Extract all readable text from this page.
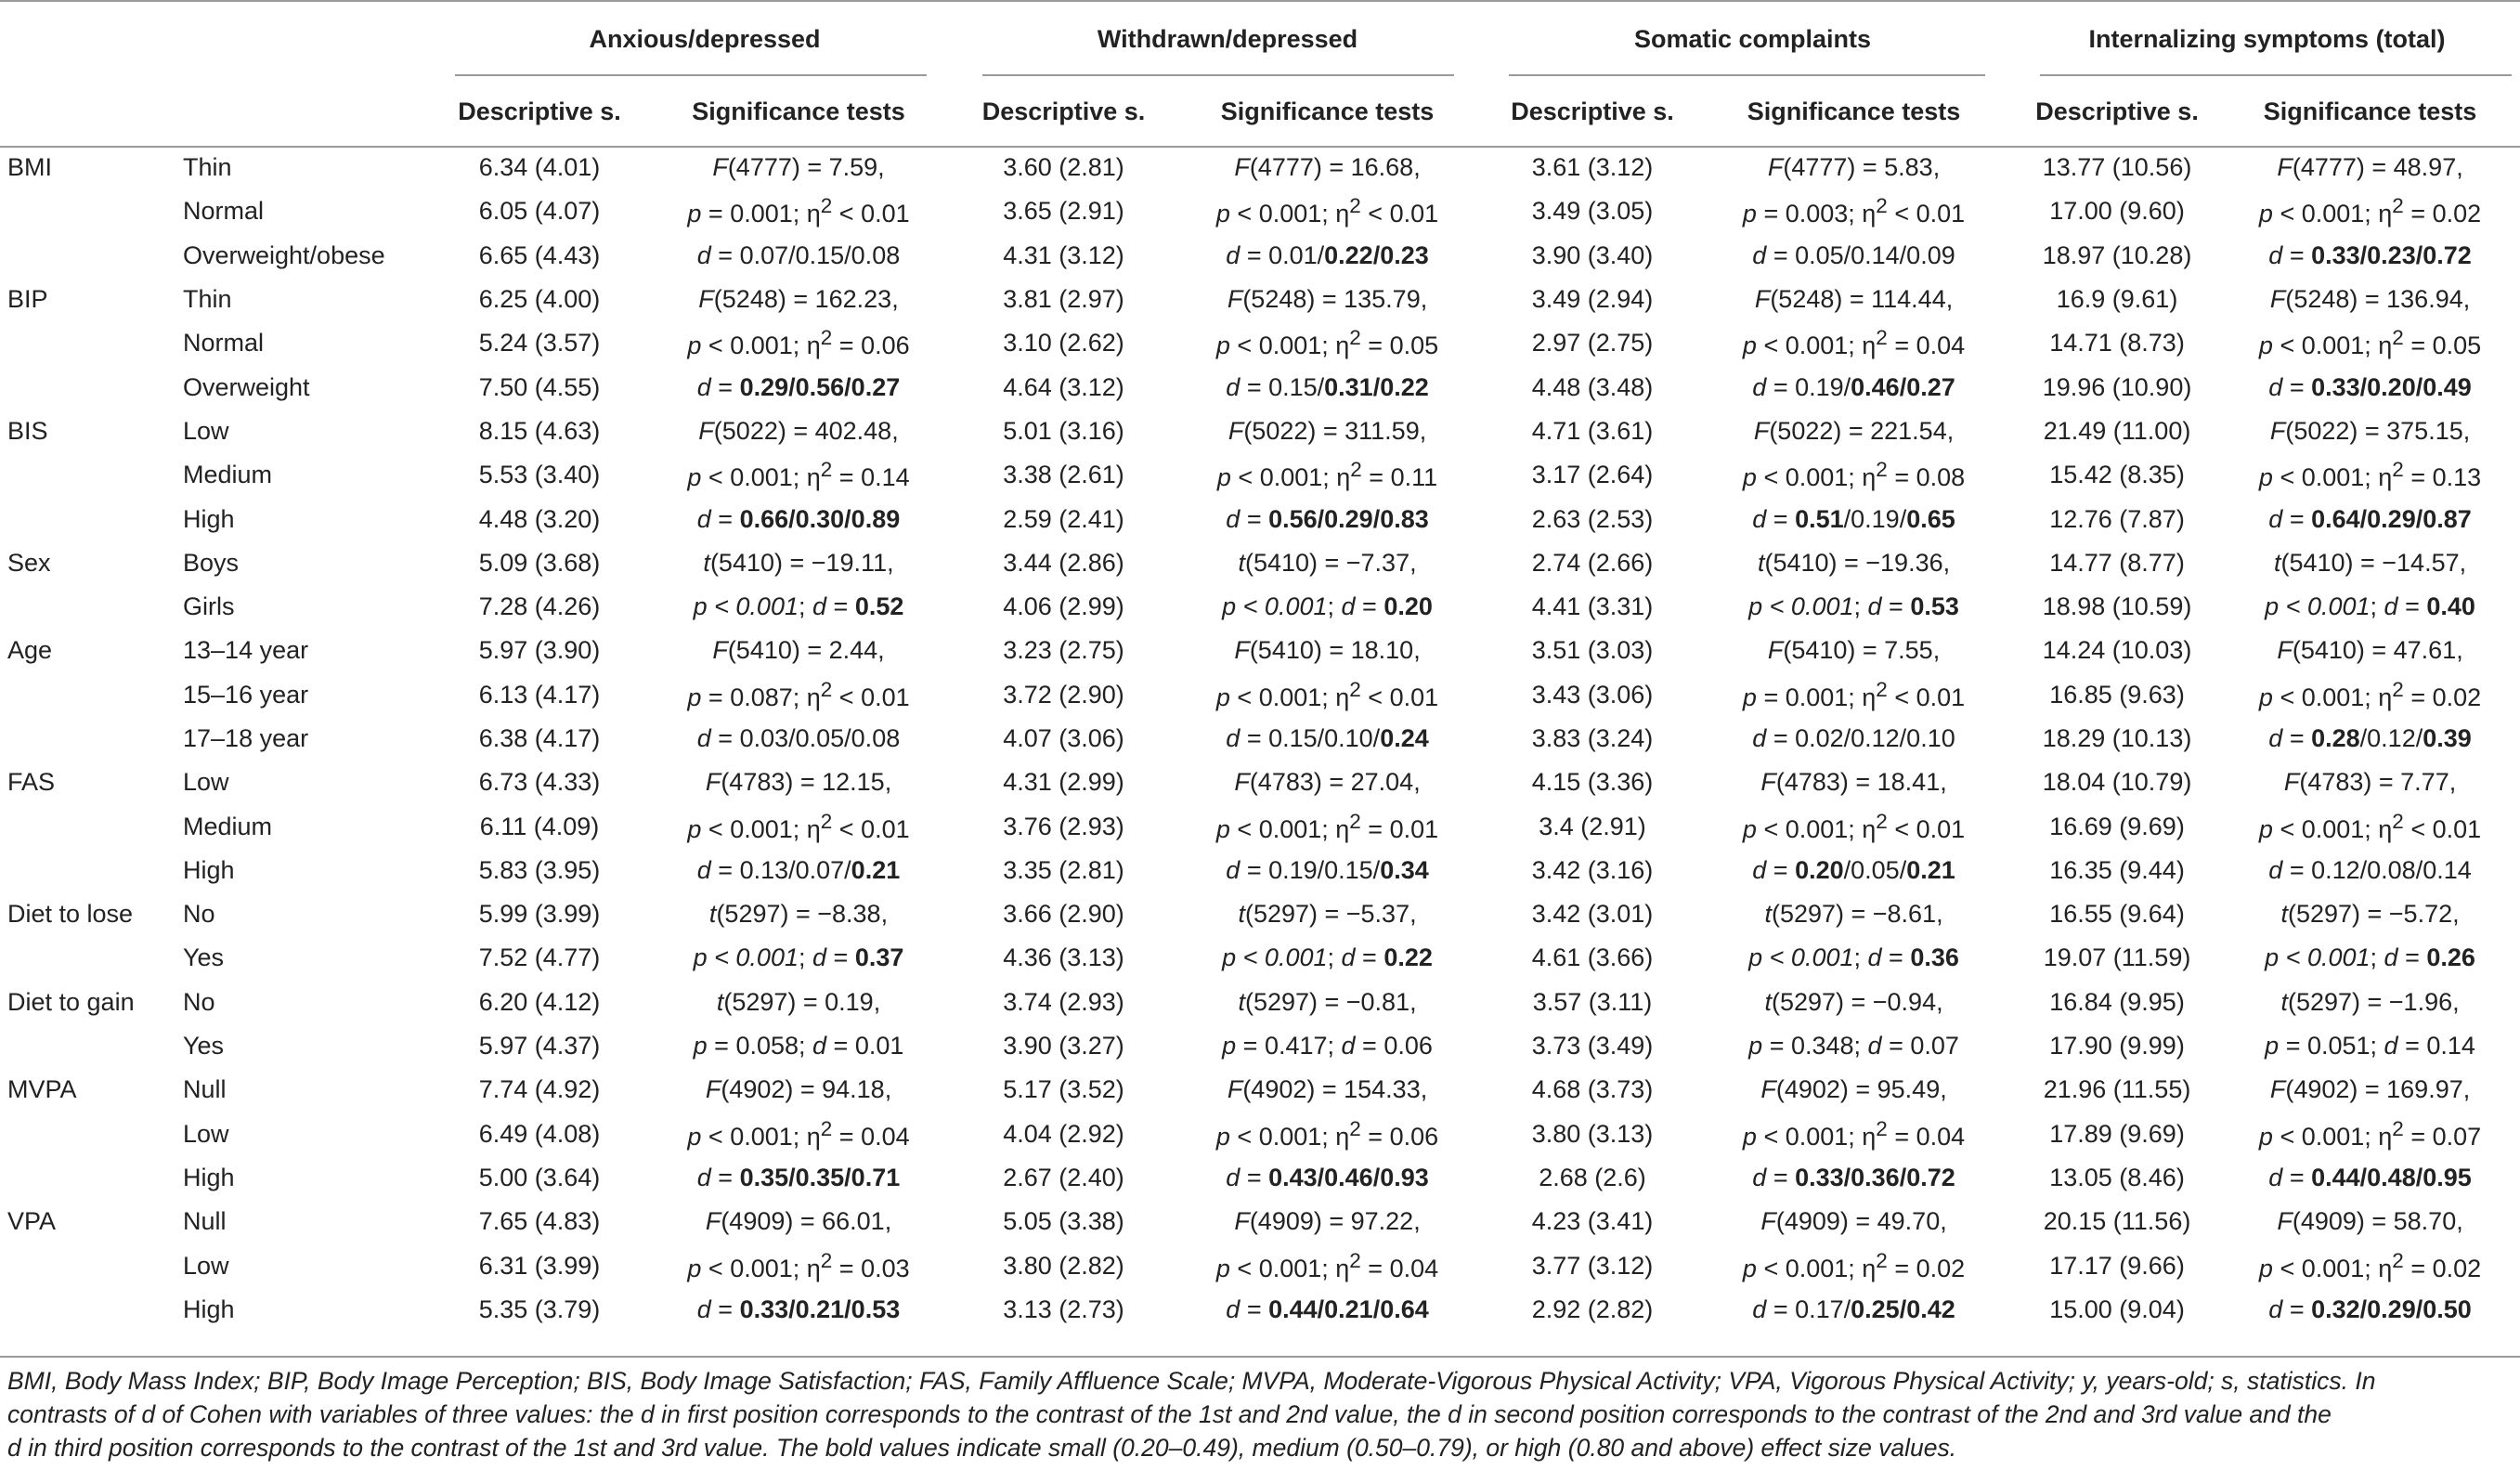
		Anxious/depressed		Withdrawn/depressed		Somatic complaints		Internalizing symptoms (total)	
		Descriptive s.	Significance tests	Descriptive s.	Significance tests	Descriptive s.	Significance tests	Descriptive s.	Significance tests
BMI	Thin	6.34 (4.01)	F(4777) = 7.59,	3.60 (2.81)	F(4777) = 16.68,	3.61 (3.12)	F(4777) = 5.83,	13.77 (10.56)	F(4777) = 48.97,
	Normal	6.05 (4.07)	p = 0.001; $\eta^2 < 0.01$	3.65 (2.91)	p < 0.001; $\eta^2 < 0.01$	3.49 (3.05)	p = 0.003; $\eta^2 < 0.01$	17.00 (9.60)	p < 0.001; $\eta^2 = 0.02$
	Overweight/obese	6.65 (4.43)	d = 0.07/0.15/0.08	4.31 (3.12)	d = 0.01/0.22/0.23	3.90 (3.40)	d = 0.05/0.14/0.09	18.97 (10.28)	d = 0.33/0.23/0.72
BIP	Thin	6.25 (4.00)	F(5248) = 162.23,	3.81 (2.97)	F(5248) = 135.79,	3.49 (2.94)	F(5248) = 114.44,	16.9 (9.61)	F(5248) = 136.94,
	Normal	5.24 (3.57)	p < 0.001; $\eta^2 = 0.06$	3.10 (2.62)	p < 0.001; $\eta^2 = 0.05$	2.97 (2.75)	p < 0.001; $\eta^2 = 0.04$	14.71 (8.73)	p < 0.001; $\eta^2 = 0.05$
	Overweight	7.50 (4.55)	d = 0.29/0.56/0.27	4.64 (3.12)	d = 0.15/0.31/0.22	4.48 (3.48)	d = 0.19/0.46/0.27	19.96 (10.90)	d = 0.33/0.20/0.49
BIS	Low	8.15 (4.63)	F(5022) = 402.48,	5.01 (3.16)	F(5022) = 311.59,	4.71 (3.61)	F(5022) = 221.54,	21.49 (11.00)	F(5022) = 375.15,
	Medium	5.53 (3.40)	p < 0.001; $\eta^2 = 0.14$	3.38 (2.61)	p < 0.001; $\eta^2 = 0.11$	3.17 (2.64)	p < 0.001; $\eta^2 = 0.08$	15.42 (8.35)	p < 0.001; $\eta^2 = 0.13$
	High	4.48 (3.20)	d = 0.66/0.30/0.89	2.59 (2.41)	d = 0.56/0.29/0.83	2.63 (2.53)	d = 0.51/0.19/0.65	12.76 (7.87)	d = 0.64/0.29/0.87
Sex	Boys	5.09 (3.68)	t(5410) = −19.11,	3.44 (2.86)	t(5410) = −7.37,	2.74 (2.66)	t(5410) = −19.36,	14.77 (8.77)	t(5410) = −14.57,
	Girls	7.28 (4.26)	p < 0.001; d = 0.52	4.06 (2.99)	p < 0.001; d = 0.20	4.41 (3.31)	p < 0.001; d = 0.53	18.98 (10.59)	p < 0.001; d = 0.40
Age	13–14 year	5.97 (3.90)	F(5410) = 2.44,	3.23 (2.75)	F(5410) = 18.10,	3.51 (3.03)	F(5410) = 7.55,	14.24 (10.03)	F(5410) = 47.61,
	15–16 year	6.13 (4.17)	p = 0.087; $\eta^2 < 0.01$	3.72 (2.90)	p < 0.001; $\eta^2 < 0.01$	3.43 (3.06)	p = 0.001; $\eta^2 < 0.01$	16.85 (9.63)	p < 0.001; $\eta^2 = 0.02$
	17–18 year	6.38 (4.17)	d = 0.03/0.05/0.08	4.07 (3.06)	d = 0.15/0.10/0.24	3.83 (3.24)	d = 0.02/0.12/0.10	18.29 (10.13)	d = 0.28/0.12/0.39
FAS	Low	6.73 (4.33)	F(4783) = 12.15,	4.31 (2.99)	F(4783) = 27.04,	4.15 (3.36)	F(4783) = 18.41,	18.04 (10.79)	F(4783) = 7.77,
	Medium	6.11 (4.09)	p < 0.001; $\eta^2 < 0.01$	3.76 (2.93)	p < 0.001; $\eta^2 = 0.01$	3.4 (2.91)	p < 0.001; $\eta^2 < 0.01$	16.69 (9.69)	p < 0.001; $\eta^2 < 0.01$
	High	5.83 (3.95)	d = 0.13/0.07/0.21	3.35 (2.81)	d = 0.19/0.15/0.34	3.42 (3.16)	d = 0.20/0.05/0.21	16.35 (9.44)	d = 0.12/0.08/0.14
Diet to lose	No	5.99 (3.99)	t(5297) = −8.38,	3.66 (2.90)	t(5297) = −5.37,	3.42 (3.01)	t(5297) = −8.61,	16.55 (9.64)	t(5297) = −5.72,
	Yes	7.52 (4.77)	p < 0.001; d = 0.37	4.36 (3.13)	p < 0.001; d = 0.22	4.61 (3.66)	p < 0.001; d = 0.36	19.07 (11.59)	p < 0.001; d = 0.26
Diet to gain	No	6.20 (4.12)	t(5297) = 0.19,	3.74 (2.93)	t(5297) = −0.81,	3.57 (3.11)	t(5297) = −0.94,	16.84 (9.95)	t(5297) = −1.96,
	Yes	5.97 (4.37)	p = 0.058; d = 0.01	3.90 (3.27)	p = 0.417; d = 0.06	3.73 (3.49)	p = 0.348; d = 0.07	17.90 (9.99)	p = 0.051; d = 0.14
MVPA	Null	7.74 (4.92)	F(4902) = 94.18,	5.17 (3.52)	F(4902) = 154.33,	4.68 (3.73)	F(4902) = 95.49,	21.96 (11.55)	F(4902) = 169.97,
	Low	6.49 (4.08)	p < 0.001; $\eta^2 = 0.04$	4.04 (2.92)	p < 0.001; $\eta^2 = 0.06$	3.80 (3.13)	p < 0.001; $\eta^2 = 0.04$	17.89 (9.69)	p < 0.001; $\eta^2 = 0.07$
	High	5.00 (3.64)	d = 0.35/0.35/0.71	2.67 (2.40)	d = 0.43/0.46/0.93	2.68 (2.6)	d = 0.33/0.36/0.72	13.05 (8.46)	d = 0.44/0.48/0.95
VPA	Null	7.65 (4.83)	F(4909) = 66.01,	5.05 (3.38)	F(4909) = 97.22,	4.23 (3.41)	F(4909) = 49.70,	20.15 (11.56)	F(4909) = 58.70,
	Low	6.31 (3.99)	p < 0.001; $\eta^2 = 0.03$	3.80 (2.82)	p < 0.001; $\eta^2 = 0.04$	3.77 (3.12)	p < 0.001; $\eta^2 = 0.02$	17.17 (9.66)	p < 0.001; $\eta^2 = 0.02$
	High	5.35 (3.79)	d = 0.33/0.21/0.53	3.13 (2.73)	d = 0.44/0.21/0.64	2.92 (2.82)	d = 0.17/0.25/0.42	15.00 (9.04)	d = 0.32/0.29/0.50

BMI, Body Mass Index; BIP, Body Image Perception; BIS, Body Image Satisfaction; FAS, Family Affluence Scale; MVPA, Moderate-Vigorous Physical Activity; VPA, Vigorous Physical Activity; y, years-old; s, statistics. In

contrasts of d of Cohen with variables of three values: the d in first position corresponds to the contrast of the 1st and 2nd value, the d in second position corresponds to the contrast of the 2nd and 3rd value and the

d in third position corresponds to the contrast of the 1st and 3rd value. The bold values indicate small (0.20–0.49), medium (0.50–0.79), or high (0.80 and above) effect size values.
